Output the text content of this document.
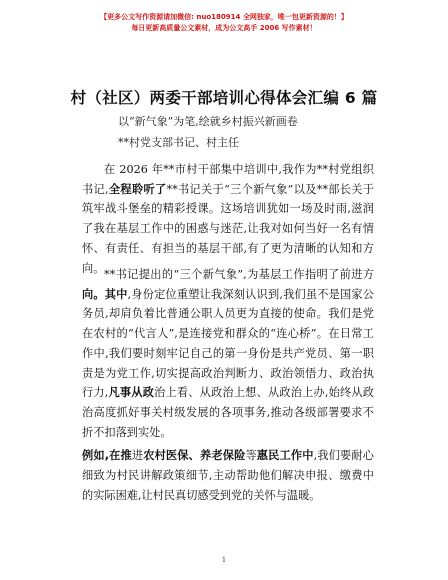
【更多公文写作资源请加微信: nuo180914 全网独家，唯一包更新资源的！】
每日更新高质量公文素材，成为公文高手 2006 写作素材！
村（社区）两委干部培训心得体会汇编 6 篇
以“新气象”为笔,绘就乡村振兴新画卷
**村党支部书记、村主任

在 2026 年**市村干部集中培训中,我作为**村党组织书记,全程聆听了**书记关于“三个新气象”以及**部长关于筑牢战斗堡垒的精彩授课。这场培训犹如一场及时雨,滋润了我在基层工作中的困惑与迷茫,让我对如何当好一名有情怀、有责任、有担当的基层干部,有了更为清晰的认知和方向。 **书记提出的“三个新气象”,为基层工作指明了前进方向。其中,身份定位重塑让我深刻认识到,我们虽不是国家公务员,却肩负着比普通公职人员更为直接的使命。我们是党在农村的“代言人”,是连接党和群众的“连心桥”。在日常工作中,我们要时刻牢记自己的第一身份是共产党员、第一职责是为党工作,切实提高政治判断力、政治领悟力、政治执行力,凡事从政治上看、从政治上想、从政治上办,始终从政治高度抓好事关村级发展的各项事务,推动各级部署要求不折不扣落到实处。

例如,在推进农村医保、养老保险等惠民工作中,我们要耐心细致为村民讲解政策细节,主动帮助他们解决申报、缴费中的实际困难,让村民真切感受到党的关怀与温暖。

1
